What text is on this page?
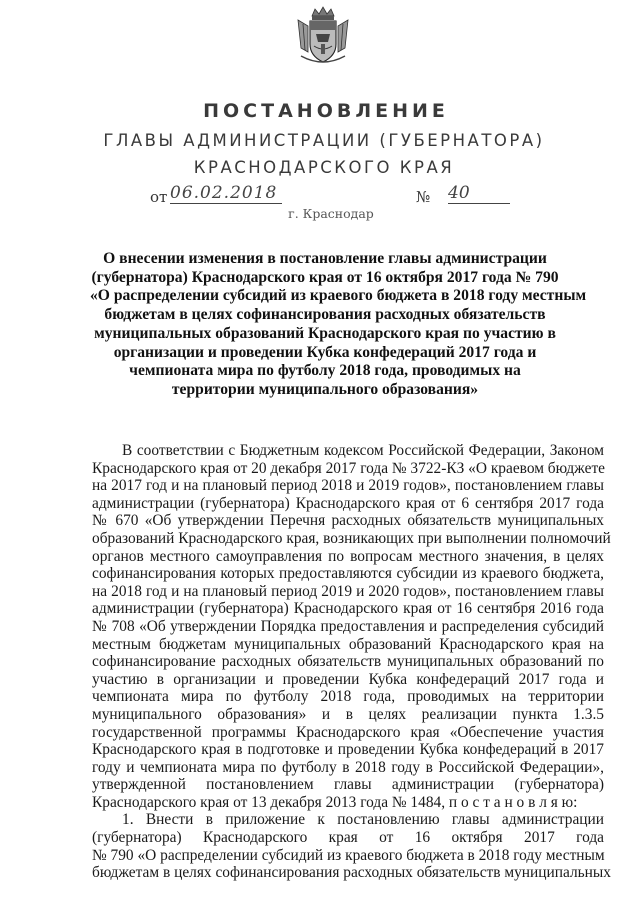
ПОСТАНОВЛЕНИЕ
ГЛАВЫ АДМИНИСТРАЦИИ (ГУБЕРНАТОРА)
КРАСНОДАРСКОГО КРАЯ
от 06.02.2018	№ 40
г. Краснодар
О внесении изменения в постановление главы администрации
(губернатора) Краснодарского края от 16 октября 2017 года № 790
«О распределении субсидий из краевого бюджета в 2018 году местным
бюджетам в целях софинансирования расходных обязательств
муниципальных образований Краснодарского края по участию в
организации и проведении Кубка конфедераций 2017 года и
чемпионата мира по футболу 2018 года, проводимых на
территории муниципального образования»
В соответствии с Бюджетным кодексом Российской Федерации, Законом
Краснодарского края от 20 декабря 2017 года № 3722-КЗ «О краевом бюджете
на 2017 год и на плановый период 2018 и 2019 годов», постановлением главы
администрации (губернатора) Краснодарского края от 6 сентября 2017 года
№ 670 «Об утверждении Перечня расходных обязательств муниципальных
образований Краснодарского края, возникающих при выполнении полномочий
органов местного самоуправления по вопросам местного значения, в целях
софинансирования которых предоставляются субсидии из краевого бюджета,
на 2018 год и на плановый период 2019 и 2020 годов», постановлением главы
администрации (губернатора) Краснодарского края от 16 сентября 2016 года
№ 708 «Об утверждении Порядка предоставления и распределения субсидий
местным бюджетам муниципальных образований Краснодарского края на
софинансирование расходных обязательств муниципальных образований по
участию в организации и проведении Кубка конфедераций 2017 года и
чемпионата мира по футболу 2018 года, проводимых на территории
муниципального образования» и в целях реализации пункта 1.3.5
государственной программы Краснодарского края «Обеспечение участия
Краснодарского края в подготовке и проведении Кубка конфедераций в 2017
году и чемпионата мира по футболу в 2018 году в Российской Федерации»,
утвержденной постановлением главы администрации (губернатора)
Краснодарского края от 13 декабря 2013 года № 1484, п о с т а н о в л я ю:
1. Внести в приложение к постановлению главы администрации
(губернатора) Краснодарского края от 16 октября 2017 года
№ 790 «О распределении субсидий из краевого бюджета в 2018 году местным
бюджетам в целях софинансирования расходных обязательств муниципальных
